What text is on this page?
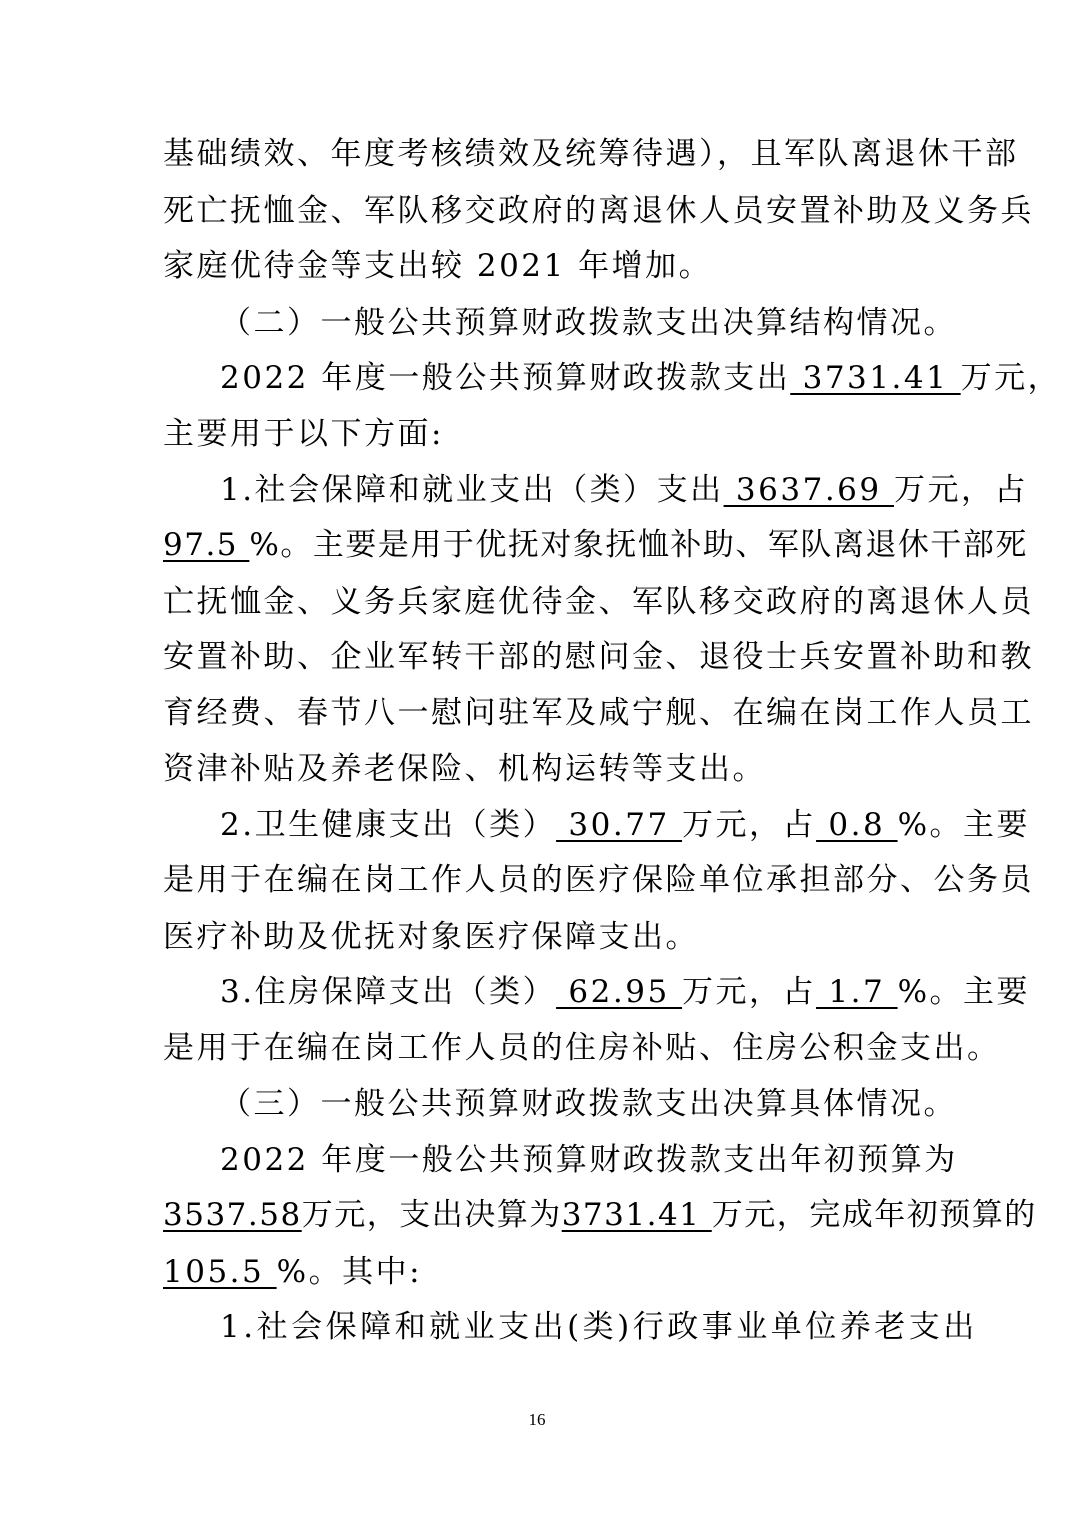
基础绩效、年度考核绩效及统筹待遇），且军队离退休干部
死亡抚恤金、军队移交政府的离退休人员安置补助及义务兵
家庭优待金等支出较 2021 年增加。
（二）一般公共预算财政拨款支出决算结构情况。
2022 年度一般公共预算财政拨款支出 3731.41 万元，
主要用于以下方面:
1.社会保障和就业支出（类）支出 3637.69 万元，占
97.5 %。主要是用于优抚对象抚恤补助、军队离退休干部死
亡抚恤金、义务兵家庭优待金、军队移交政府的离退休人员
安置补助、企业军转干部的慰问金、退役士兵安置补助和教
育经费、春节八一慰问驻军及咸宁舰、在编在岗工作人员工
资津补贴及养老保险、机构运转等支出。
2.卫生健康支出（类） 30.77 万元，占 0.8 %。主要
是用于在编在岗工作人员的医疗保险单位承担部分、公务员
医疗补助及优抚对象医疗保障支出。
3.住房保障支出（类） 62.95 万元，占 1.7 %。主要
是用于在编在岗工作人员的住房补贴、住房公积金支出。
（三）一般公共预算财政拨款支出决算具体情况。
2022 年度一般公共预算财政拨款支出年初预算为
3537.58万元，支出决算为3731.41 万元，完成年初预算的
105.5 %。其中:
1.社会保障和就业支出(类)行政事业单位养老支出
16
